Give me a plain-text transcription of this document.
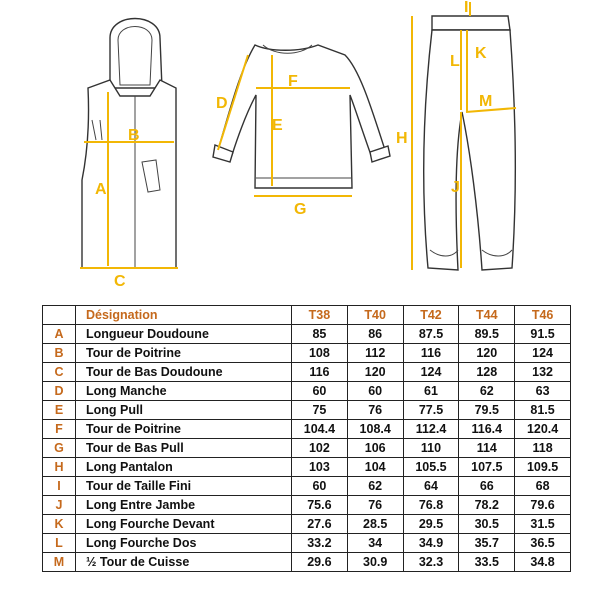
A
B
C
D
E
F
G
H
I
J
K
L
M
	Désignation	T38	T40	T42	T44	T46
A	Longueur Doudoune	85	86	87.5	89.5	91.5
B	Tour de Poitrine	108	112	116	120	124
C	Tour de Bas Doudoune	116	120	124	128	132
D	Long Manche	60	60	61	62	63
E	Long Pull	75	76	77.5	79.5	81.5
F	Tour de Poitrine	104.4	108.4	112.4	116.4	120.4
G	Tour de Bas Pull	102	106	110	114	118
H	Long Pantalon	103	104	105.5	107.5	109.5
I	Tour de Taille Fini	60	62	64	66	68
J	Long Entre Jambe	75.6	76	76.8	78.2	79.6
K	Long Fourche Devant	27.6	28.5	29.5	30.5	31.5
L	Long Fourche Dos	33.2	34	34.9	35.7	36.5
M	½ Tour de Cuisse	29.6	30.9	32.3	33.5	34.8
